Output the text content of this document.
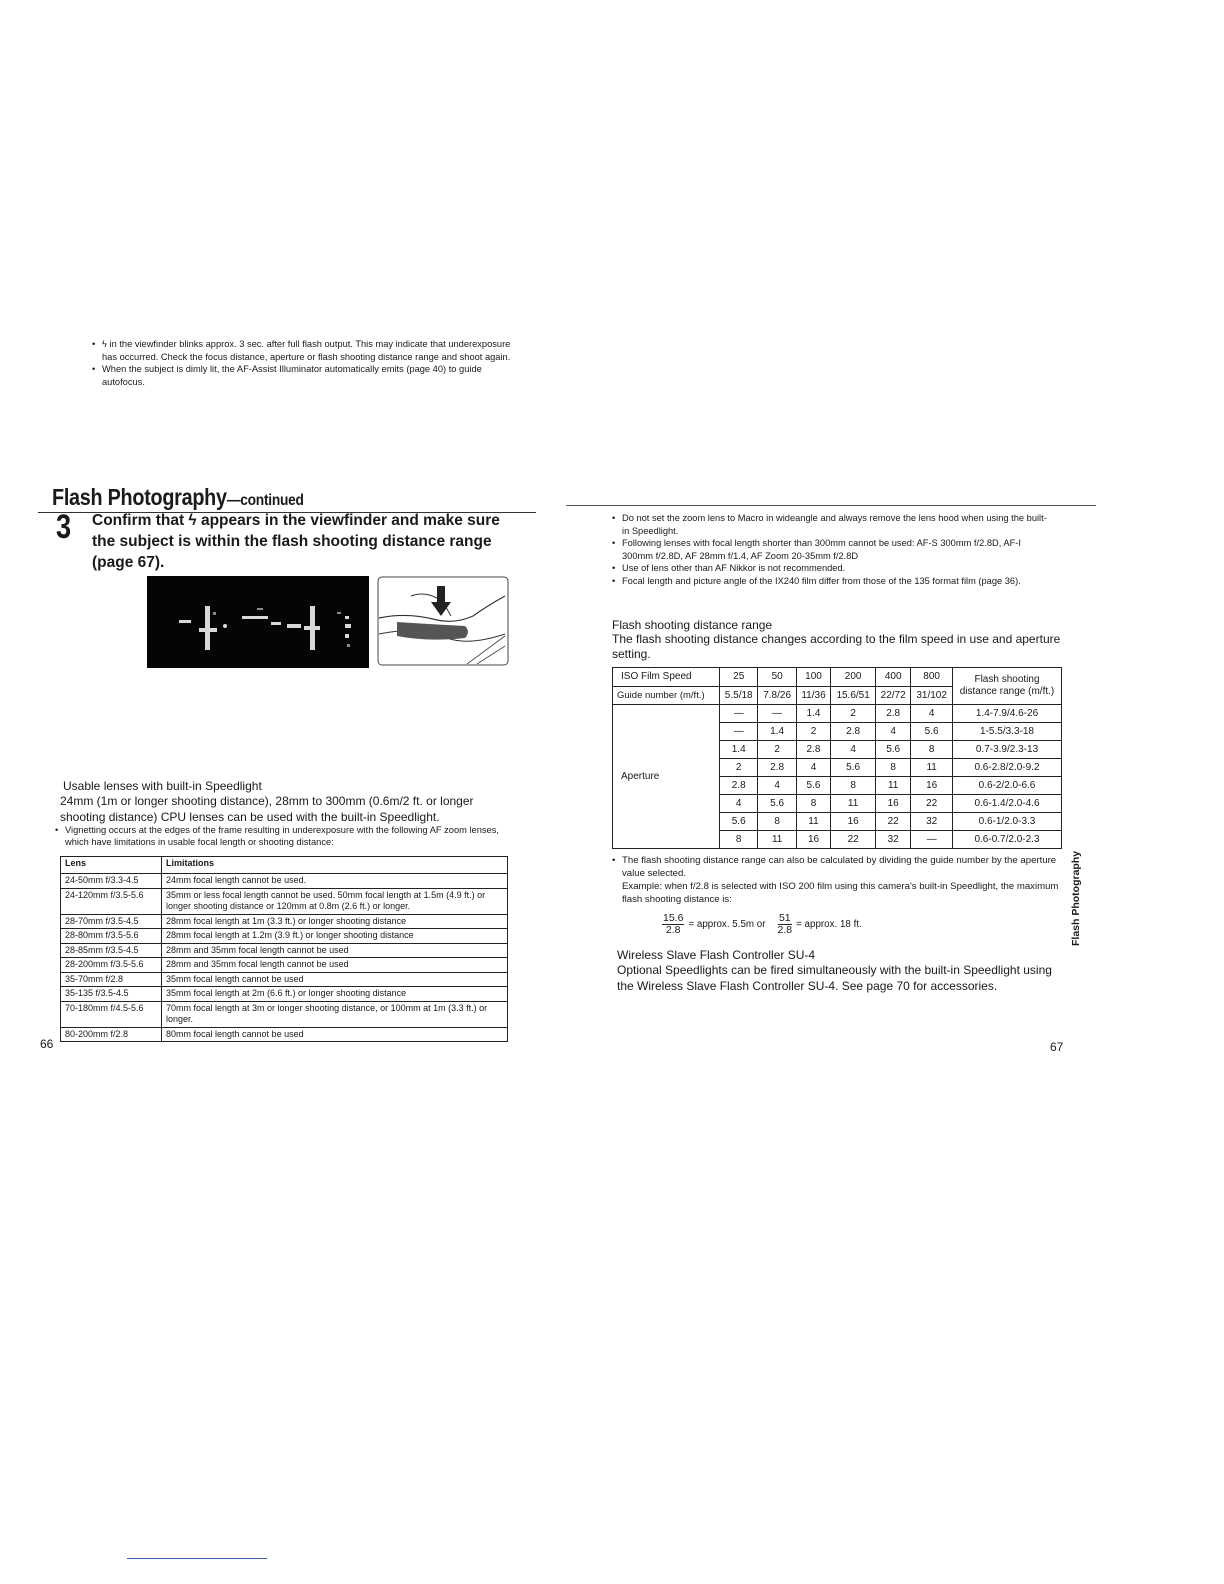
Flash Photography—continued
3 Confirm that ϟ appears in the viewfinder and make sure the subject is within the flash shooting distance range (page 67).
• ϟ in the viewfinder blinks approx. 3 sec. after full flash output. This may indicate that underexposure has occurred. Check the focus distance, aperture or flash shooting distance range and shoot again.
• When the subject is dimly lit, the AF-Assist Illuminator automatically emits (page 40) to guide autofocus.
Usable lenses with built-in Speedlight
24mm (1m or longer shooting distance), 28mm to 300mm (0.6m/2 ft. or longer shooting distance) CPU lenses can be used with the built-in Speedlight.
• Vignetting occurs at the edges of the frame resulting in underexposure with the following AF zoom lenses, which have limitations in usable focal length or shooting distance:
Lens	Limitations
24-50mm f/3.3-4.5	24mm focal length cannot be used.
24-120mm f/3.5-5.6	35mm or less focal length cannot be used. 50mm focal length at 1.5m (4.9 ft.) or longer shooting distance or 120mm at 0.8m (2.6 ft.) or longer.
28-70mm f/3.5-4.5	28mm focal length at 1m (3.3 ft.) or longer shooting distance
28-80mm f/3.5-5.6	28mm focal length at 1.2m (3.9 ft.) or longer shooting distance
28-85mm f/3.5-4.5	28mm and 35mm focal length cannot be used
28-200mm f/3.5-5.6	28mm and 35mm focal length cannot be used
35-70mm f/2.8	35mm focal length cannot be used
35-135 f/3.5-4.5	35mm focal length at 2m (6.6 ft.) or longer shooting distance
70-180mm f/4.5-5.6	70mm focal length at 3m or longer shooting distance, or 100mm at 1m (3.3 ft.) or longer.
80-200mm f/2.8	80mm focal length cannot be used
66
• Do not set the zoom lens to Macro in wideangle and always remove the lens hood when using the built-in Speedlight.
• Following lenses with focal length shorter than 300mm cannot be used: AF-S 300mm f/2.8D, AF-I 300mm f/2.8D, AF 28mm f/1.4, AF Zoom 20-35mm f/2.8D
• Use of lens other than AF Nikkor is not recommended.
• Focal length and picture angle of the IX240 film differ from those of the 135 format film (page 36).
Flash shooting distance range
The flash shooting distance changes according to the film speed in use and aperture setting.
ISO Film Speed	25	50	100	200	400	800	Flash shooting distance range (m/ft.)
Guide number (m/ft.)	5.5/18	7.8/26	11/36	15.6/51	22/72	31/102	
Aperture	—	—	1.4	2	2.8	4	1.4-7.9/4.6-26
	—	1.4	2	2.8	4	5.6	1-5.5/3.3-18
	1.4	2	2.8	4	5.6	8	0.7-3.9/2.3-13
	2	2.8	4	5.6	8	11	0.6-2.8/2.0-9.2
	2.8	4	5.6	8	11	16	0.6-2/2.0-6.6
	4	5.6	8	11	16	22	0.6-1.4/2.0-4.6
	5.6	8	11	16	22	32	0.6-1/2.0-3.3
	8	11	16	22	32	—	0.6-0.7/2.0-2.3
• The flash shooting distance range can also be calculated by dividing the guide number by the aperture value selected.

Example: when f/2.8 is selected with ISO 200 film using this camera's built-in Speedlight, the maximum flash shooting distance is:

$\frac{15.6}{2.8}$ = approx. 5.5m or $\frac{51}{2.8}$ = approx. 18 ft.
Wireless Slave Flash Controller SU-4
Optional Speedlights can be fired simultaneously with the built-in Speedlight using the Wireless Slave Flash Controller SU-4. See page 70 for accessories.
Flash Photography
67
